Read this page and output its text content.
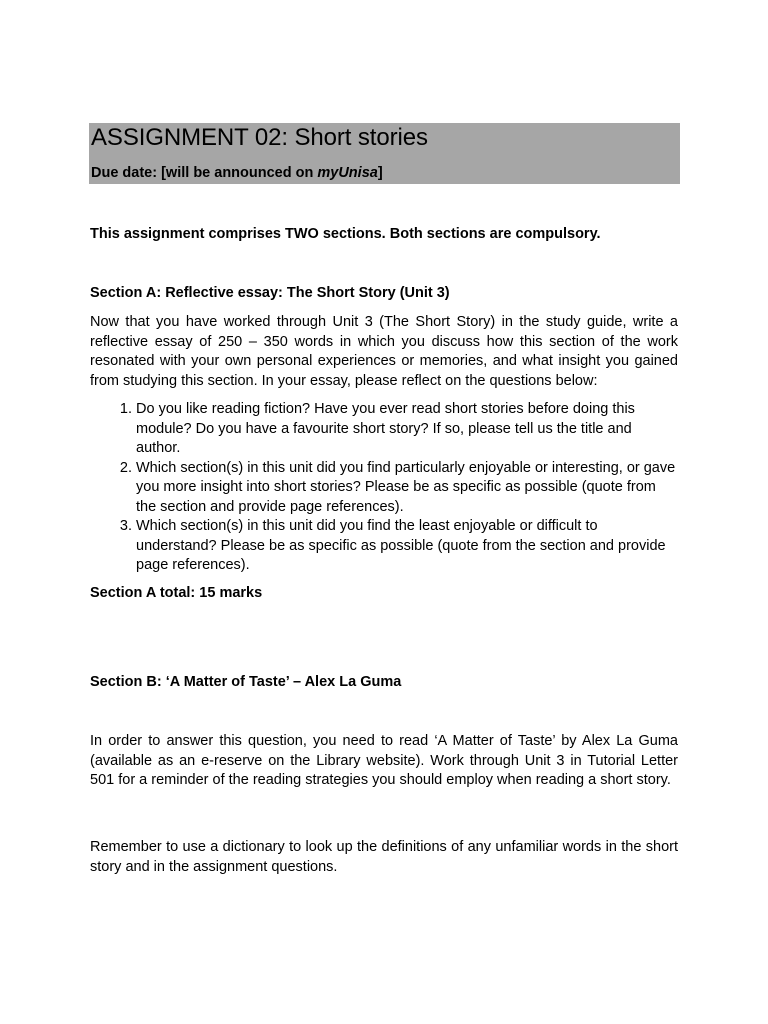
ASSIGNMENT 02: Short stories

Due date: [will be announced on myUnisa]

This assignment comprises TWO sections. Both sections are compulsory.

Section A: Reflective essay: The Short Story (Unit 3)

Now that you have worked through Unit 3 (The Short Story) in the study guide, write a reflective essay of 250 – 350 words in which you discuss how this section of the work resonated with your own personal experiences or memories, and what insight you gained from studying this section. In your essay, please reflect on the questions below:

1. Do you like reading fiction? Have you ever read short stories before doing this module? Do you have a favourite short story? If so, please tell us the title and author.
2. Which section(s) in this unit did you find particularly enjoyable or interesting, or gave you more insight into short stories? Please be as specific as possible (quote from the section and provide page references).
3. Which section(s) in this unit did you find the least enjoyable or difficult to understand? Please be as specific as possible (quote from the section and provide page references).

Section A total: 15 marks

Section B: ‘A Matter of Taste’ – Alex La Guma

In order to answer this question, you need to read ‘A Matter of Taste’ by Alex La Guma (available as an e-reserve on the Library website). Work through Unit 3 in Tutorial Letter 501 for a reminder of the reading strategies you should employ when reading a short story.

Remember to use a dictionary to look up the definitions of any unfamiliar words in the short story and in the assignment questions.
